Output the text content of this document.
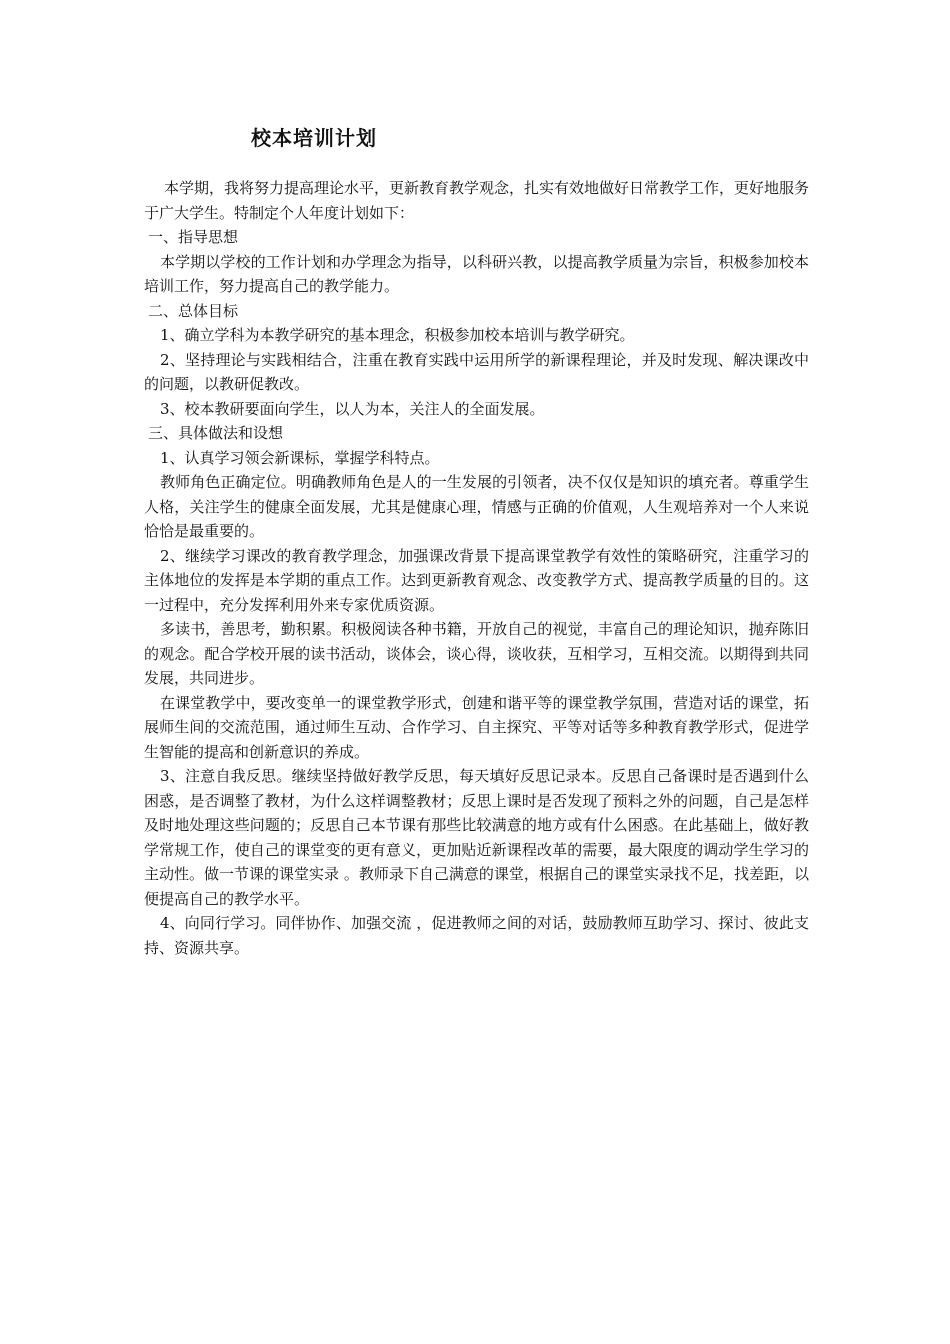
校本培训计划

本学期，我将努力提高理论水平，更新教育教学观念，扎实有效地做好日常教学工作，更好地服务于广大学生。特制定个人年度计划如下：

一、指导思想

本学期以学校的工作计划和办学理念为指导，以科研兴教，以提高教学质量为宗旨，积极参加校本培训工作，努力提高自己的教学能力。

二、总体目标

1、确立学科为本教学研究的基本理念，积极参加校本培训与教学研究。

2、坚持理论与实践相结合，注重在教育实践中运用所学的新课程理论，并及时发现、解决课改中的问题，以教研促教改。

3、校本教研要面向学生，以人为本，关注人的全面发展。

三、具体做法和设想

1、认真学习领会新课标，掌握学科特点。

教师角色正确定位。明确教师角色是人的一生发展的引领者，决不仅仅是知识的填充者。尊重学生人格，关注学生的健康全面发展，尤其是健康心理，情感与正确的价值观，人生观培养对一个人来说恰恰是最重要的。

2、继续学习课改的教育教学理念，加强课改背景下提高课堂教学有效性的策略研究，注重学习的主体地位的发挥是本学期的重点工作。达到更新教育观念、改变教学方式、提高教学质量的目的。这一过程中，充分发挥利用外来专家优质资源。

多读书，善思考，勤积累。积极阅读各种书籍，开放自己的视觉，丰富自己的理论知识，抛弃陈旧的观念。配合学校开展的读书活动，谈体会，谈心得，谈收获，互相学习，互相交流。以期得到共同发展，共同进步。

在课堂教学中，要改变单一的课堂教学形式，创建和谐平等的课堂教学氛围，营造对话的课堂，拓展师生间的交流范围，通过师生互动、合作学习、自主探究、平等对话等多种教育教学形式，促进学生智能的提高和创新意识的养成。

3、注意自我反思。继续坚持做好教学反思，每天填好反思记录本。反思自己备课时是否遇到什么困惑，是否调整了教材，为什么这样调整教材；反思上课时是否发现了预料之外的问题，自己是怎样及时地处理这些问题的；反思自己本节课有那些比较满意的地方或有什么困惑。在此基础上，做好教学常规工作，使自己的课堂变的更有意义，更加贴近新课程改革的需要，最大限度的调动学生学习的主动性。做一节课的课堂实录 。教师录下自己满意的课堂，根据自己的课堂实录找不足，找差距，以便提高自己的教学水平。

4、向同行学习。同伴协作、加强交流 ，促进教师之间的对话，鼓励教师互助学习、探讨、彼此支持、资源共享。
